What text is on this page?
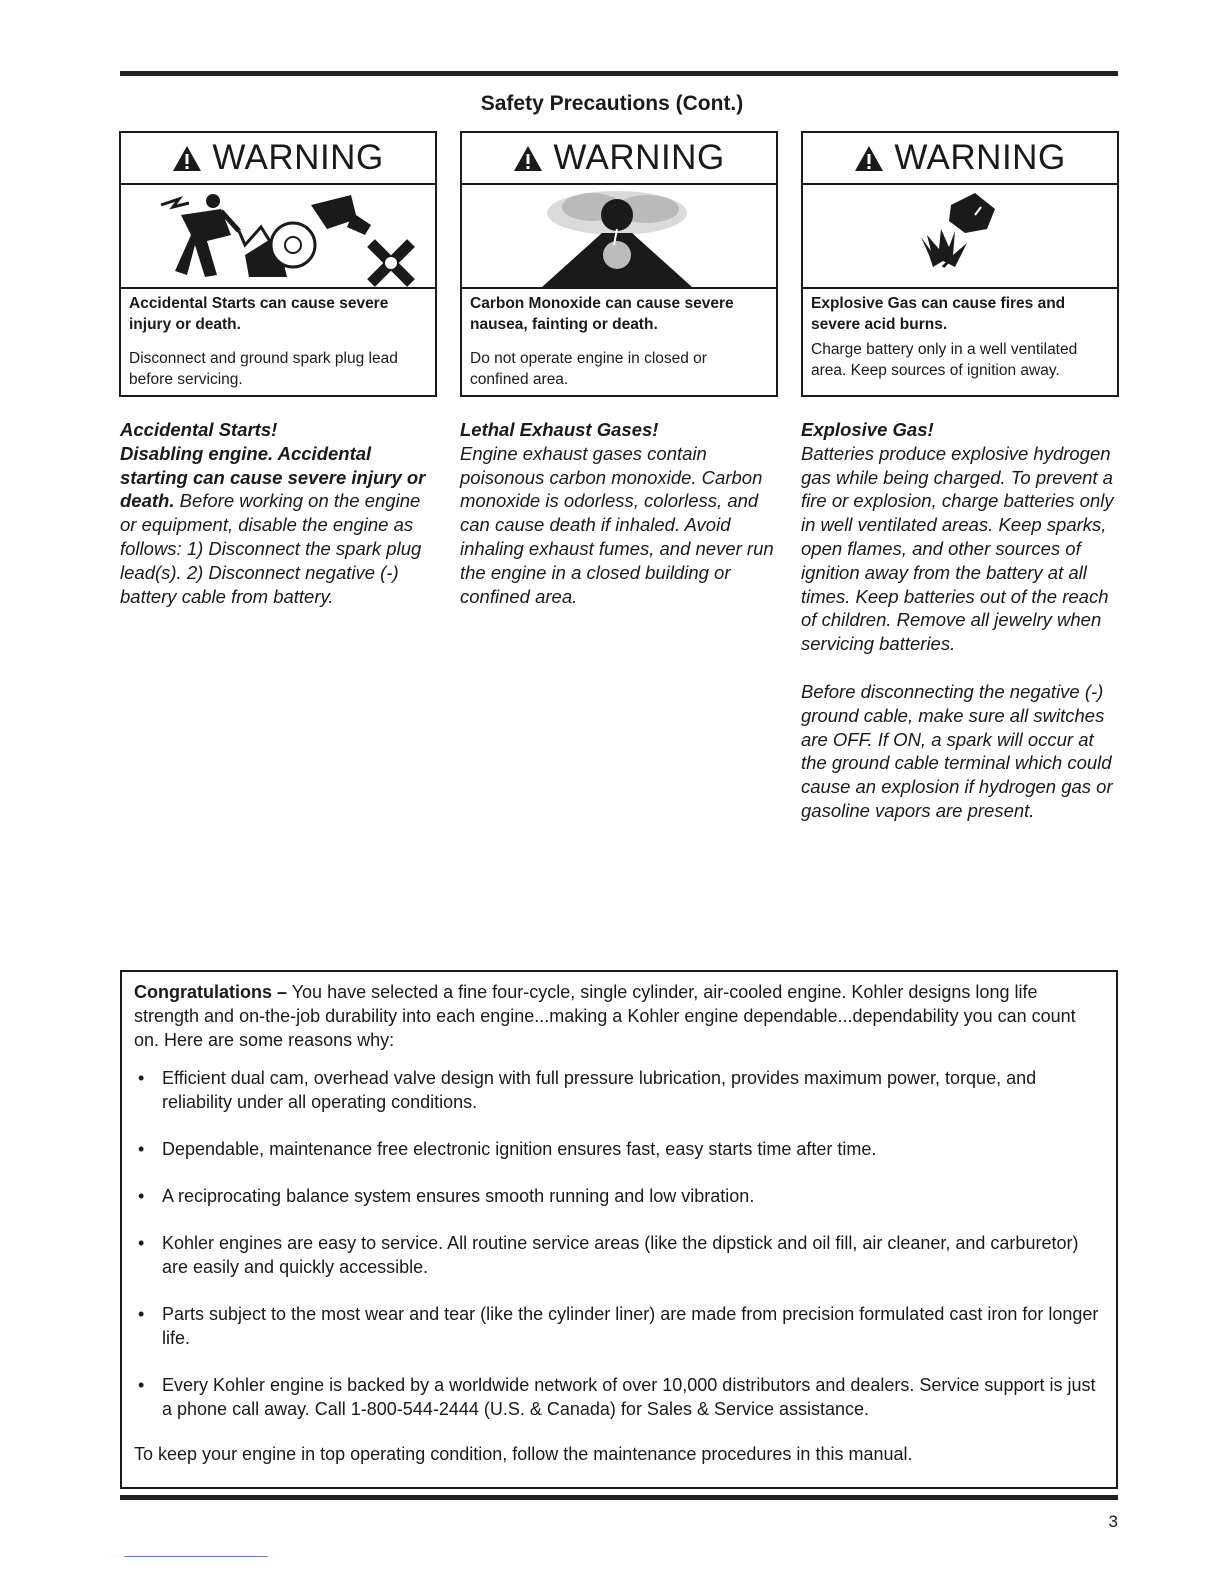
Safety Precautions (Cont.)
WARNING
Accidental Starts can cause severe injury or death.
Disconnect and ground spark plug lead before servicing.
WARNING
Carbon Monoxide can cause severe nausea, fainting or death.
Do not operate engine in closed or confined area.
WARNING
Explosive Gas can cause fires and severe acid burns.
Charge battery only in a well ventilated area. Keep sources of ignition away.

Accidental Starts!

Disabling engine. Accidental starting can cause severe injury or death. Before working on the engine or equipment, disable the engine as follows: 1) Disconnect the spark plug lead(s). 2) Disconnect negative (-) battery cable from battery.

Lethal Exhaust Gases!

Engine exhaust gases contain poisonous carbon monoxide. Carbon monoxide is odorless, colorless, and can cause death if inhaled. Avoid inhaling exhaust fumes, and never run the engine in a closed building or confined area.

Explosive Gas!

Batteries produce explosive hydrogen gas while being charged. To prevent a fire or explosion, charge batteries only in well ventilated areas. Keep sparks, open flames, and other sources of ignition away from the battery at all times. Keep batteries out of the reach of children. Remove all jewelry when servicing batteries.

Before disconnecting the negative (-) ground cable, make sure all switches are OFF. If ON, a spark will occur at the ground cable terminal which could cause an explosion if hydrogen gas or gasoline vapors are present.

Congratulations – You have selected a fine four-cycle, single cylinder, air-cooled engine. Kohler designs long life strength and on-the-job durability into each engine...making a Kohler engine dependable...dependability you can count on. Here are some reasons why:

• Efficient dual cam, overhead valve design with full pressure lubrication, provides maximum power, torque, and reliability under all operating conditions.
• Dependable, maintenance free electronic ignition ensures fast, easy starts time after time.
• A reciprocating balance system ensures smooth running and low vibration.
• Kohler engines are easy to service. All routine service areas (like the dipstick and oil fill, air cleaner, and carburetor) are easily and quickly accessible.
• Parts subject to the most wear and tear (like the cylinder liner) are made from precision formulated cast iron for longer life.
• Every Kohler engine is backed by a worldwide network of over 10,000 distributors and dealers. Service support is just a phone call away. Call 1-800-544-2444 (U.S. & Canada) for Sales & Service assistance.

To keep your engine in top operating condition, follow the maintenance procedures in this manual.

3
